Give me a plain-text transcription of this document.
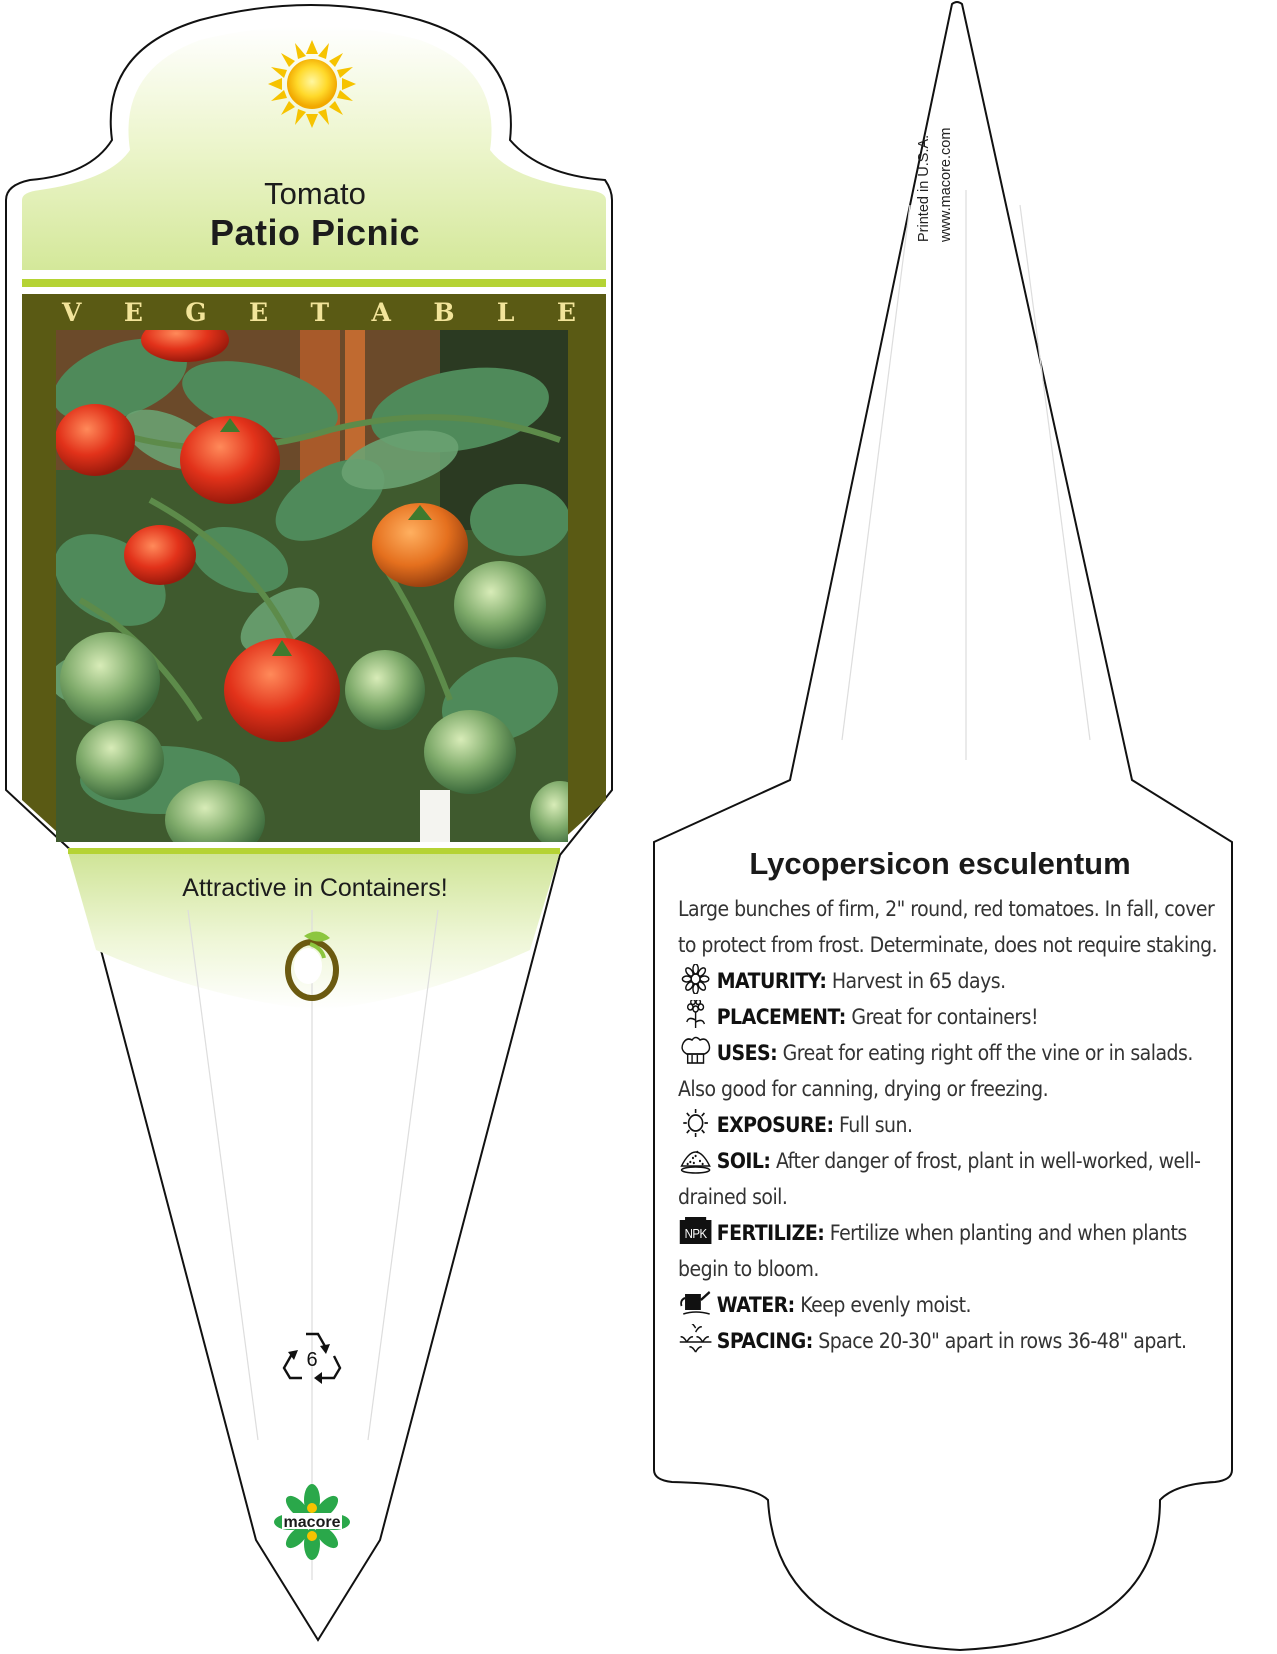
6
macore
Tomato
Patio Picnic
V E G E T A B L E
Attractive in Containers!
Printed in U.S.A. www.macore.com
Lycopersicon esculentum

Large bunches of firm, 2" round, red tomatoes. In fall, cover to protect from frost. Determinate, does not require staking.

MATURITY: Harvest in 65 days.

PLACEMENT: Great for containers!

USES: Great for eating right off the vine or in salads. Also good for canning, drying or freezing.

EXPOSURE: Full sun.

SOIL: After danger of frost, plant in well-worked, well-drained soil.

NPK FERTILIZE: Fertilize when planting and when plants begin to bloom.

WATER: Keep evenly moist.

SPACING: Space 20-30" apart in rows 36-48" apart.
